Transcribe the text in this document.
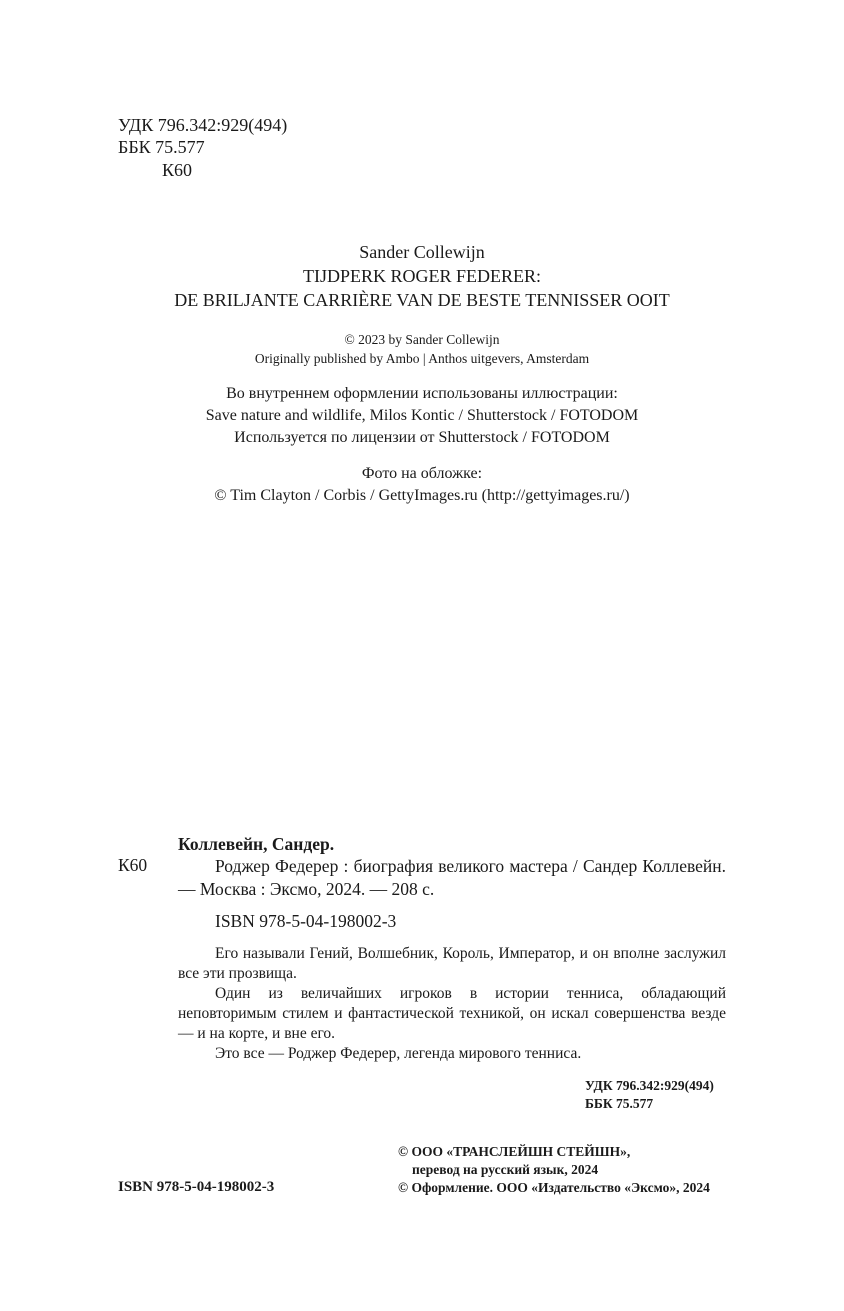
УДК 796.342:929(494)
ББК 75.577
К60
Sander Collewijn
TIJDPERK ROGER FEDERER:
DE BRILJANTE CARRIÈRE VAN DE BESTE TENNISSER OOIT
© 2023 by Sander Collewijn
Originally published by Ambo | Anthos uitgevers, Amsterdam
Во внутреннем оформлении использованы иллюстрации:
Save nature and wildlife, Milos Kontic / Shutterstock / FOTODOM
Используется по лицензии от Shutterstock / FOTODOM
Фото на обложке:
© Tim Clayton / Corbis / GettyImages.ru (http://gettyimages.ru/)
Коллевейн, Сандер.
К60	Роджер Федерер : биография великого мастера / Сандер Коллевейн. — Москва : Эксмо, 2024. — 208 с.
ISBN 978-5-04-198002-3

Его называли Гений, Волшебник, Король, Император, и он вполне заслужил все эти прозвища.

Один из величайших игроков в истории тенниса, обладающий неповторимым стилем и фантастической техникой, он искал совершенства везде — и на корте, и вне его.

Это все — Роджер Федерер, легенда мирового тенниса.

УДК 796.342:929(494)
ББК 75.577
© ООО «ТРАНСЛЕЙШН СТЕЙШН»,
перевод на русский язык, 2024
© Оформление. ООО «Издательство «Эксмо», 2024
ISBN 978-5-04-198002-3
